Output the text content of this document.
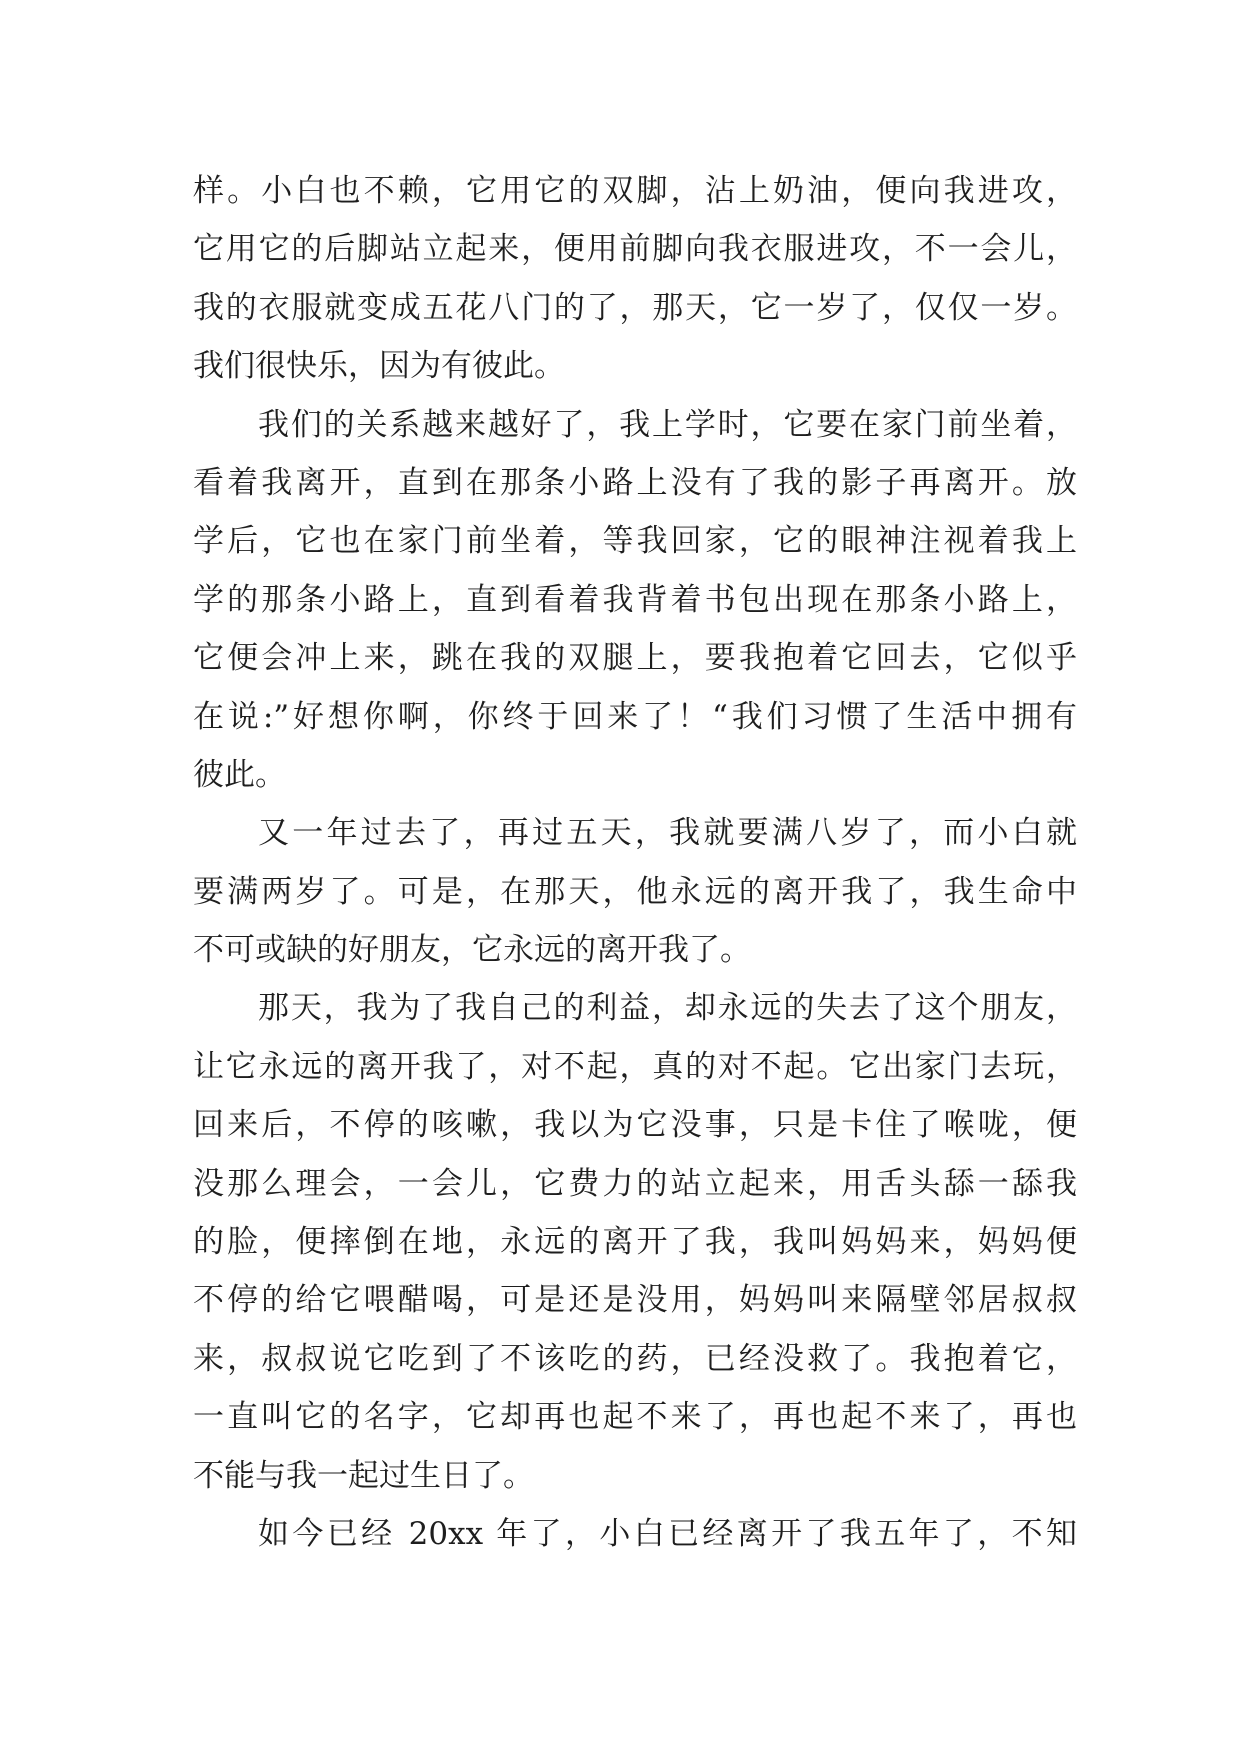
样。小白也不赖，它用它的双脚，沾上奶油，便向我进攻，
它用它的后脚站立起来，便用前脚向我衣服进攻，不一会儿，
我的衣服就变成五花八门的了，那天，它一岁了，仅仅一岁。
我们很快乐，因为有彼此。
我们的关系越来越好了，我上学时，它要在家门前坐着，
看着我离开，直到在那条小路上没有了我的影子再离开。放
学后，它也在家门前坐着，等我回家，它的眼神注视着我上
学的那条小路上，直到看着我背着书包出现在那条小路上，
它便会冲上来，跳在我的双腿上，要我抱着它回去，它似乎
在说:”好想你啊，你终于回来了！“我们习惯了生活中拥有
彼此。
又一年过去了，再过五天，我就要满八岁了，而小白就
要满两岁了。可是，在那天，他永远的离开我了，我生命中
不可或缺的好朋友，它永远的离开我了。
那天，我为了我自己的利益，却永远的失去了这个朋友，
让它永远的离开我了，对不起，真的对不起。它出家门去玩，
回来后，不停的咳嗽，我以为它没事，只是卡住了喉咙，便
没那么理会，一会儿，它费力的站立起来，用舌头舔一舔我
的脸，便摔倒在地，永远的离开了我，我叫妈妈来，妈妈便
不停的给它喂醋喝，可是还是没用，妈妈叫来隔壁邻居叔叔
来，叔叔说它吃到了不该吃的药，已经没救了。我抱着它，
一直叫它的名字，它却再也起不来了，再也起不来了，再也
不能与我一起过生日了。
如今已经 20xx 年了，小白已经离开了我五年了，不知
